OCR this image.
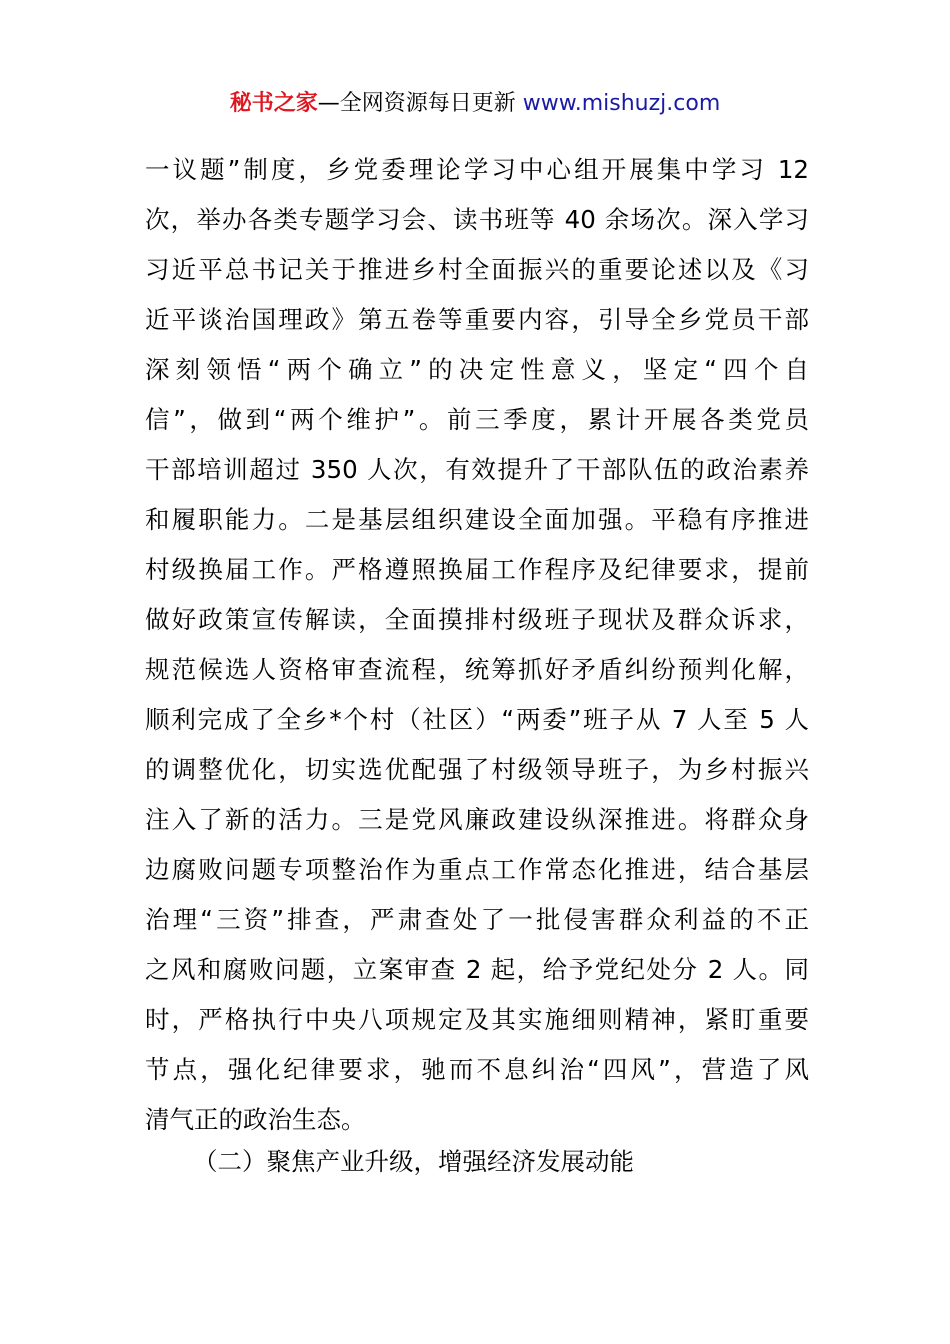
秘书之家—全网资源每日更新 www.mishuzj.com
一议题”制度，乡党委理论学习中心组开展集中学习 12
次，举办各类专题学习会、读书班等 40 余场次。深入学习
习近平总书记关于推进乡村全面振兴的重要论述以及《习
近平谈治国理政》第五卷等重要内容，引导全乡党员干部
深刻领悟“两个确立”的决定性意义，坚定“四个自
信”，做到“两个维护”。前三季度，累计开展各类党员
干部培训超过 350 人次，有效提升了干部队伍的政治素养
和履职能力。二是基层组织建设全面加强。平稳有序推进
村级换届工作。严格遵照换届工作程序及纪律要求，提前
做好政策宣传解读，全面摸排村级班子现状及群众诉求，
规范候选人资格审查流程，统筹抓好矛盾纠纷预判化解，
顺利完成了全乡*个村（社区）“两委”班子从 7 人至 5 人
的调整优化，切实选优配强了村级领导班子，为乡村振兴
注入了新的活力。三是党风廉政建设纵深推进。将群众身
边腐败问题专项整治作为重点工作常态化推进，结合基层
治理“三资”排查，严肃查处了一批侵害群众利益的不正
之风和腐败问题，立案审查 2 起，给予党纪处分 2 人。同
时，严格执行中央八项规定及其实施细则精神，紧盯重要
节点，强化纪律要求，驰而不息纠治“四风”，营造了风
清气正的政治生态。
（二）聚焦产业升级，增强经济发展动能
